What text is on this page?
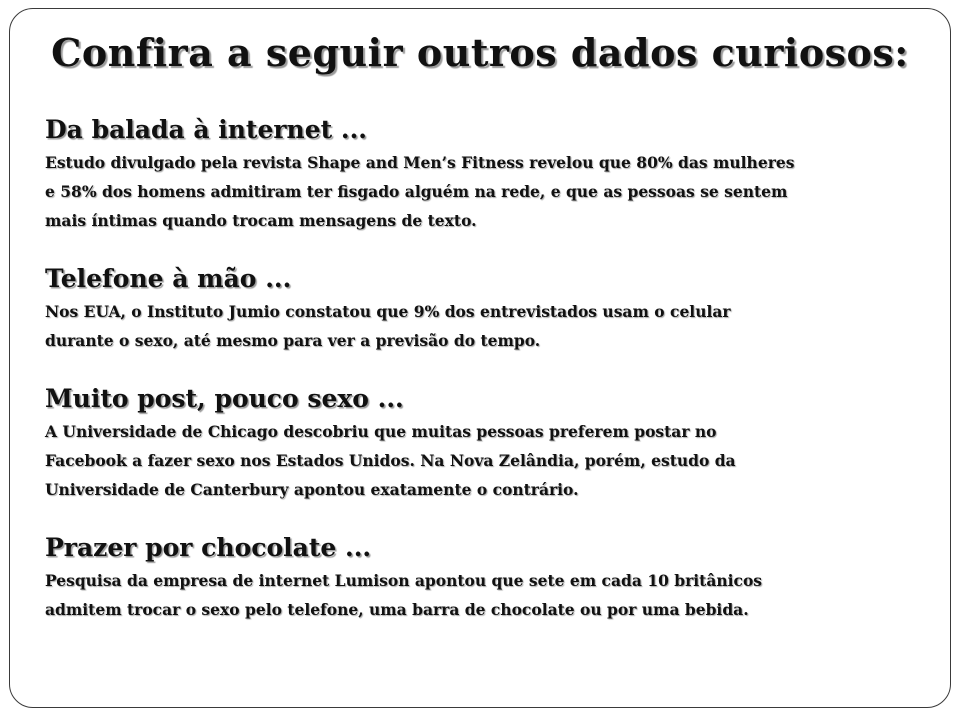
Confira a seguir outros dados curiosos:
Da balada à internet ...
Estudo divulgado pela revista Shape and Men’s Fitness revelou que 80% das mulheres
e 58% dos homens admitiram ter fisgado alguém na rede, e que as pessoas se sentem
mais íntimas quando trocam mensagens de texto.
Telefone à mão ...
Nos EUA, o Instituto Jumio constatou que 9% dos entrevistados usam o celular
durante o sexo, até mesmo para ver a previsão do tempo.
Muito post, pouco sexo ...
A Universidade de Chicago descobriu que muitas pessoas preferem postar no
Facebook a fazer sexo nos Estados Unidos. Na Nova Zelândia, porém, estudo da
Universidade de Canterbury apontou exatamente o contrário.
Prazer por chocolate ...
Pesquisa da empresa de internet Lumison apontou que sete em cada 10 britânicos
admitem trocar o sexo pelo telefone, uma barra de chocolate ou por uma bebida.
